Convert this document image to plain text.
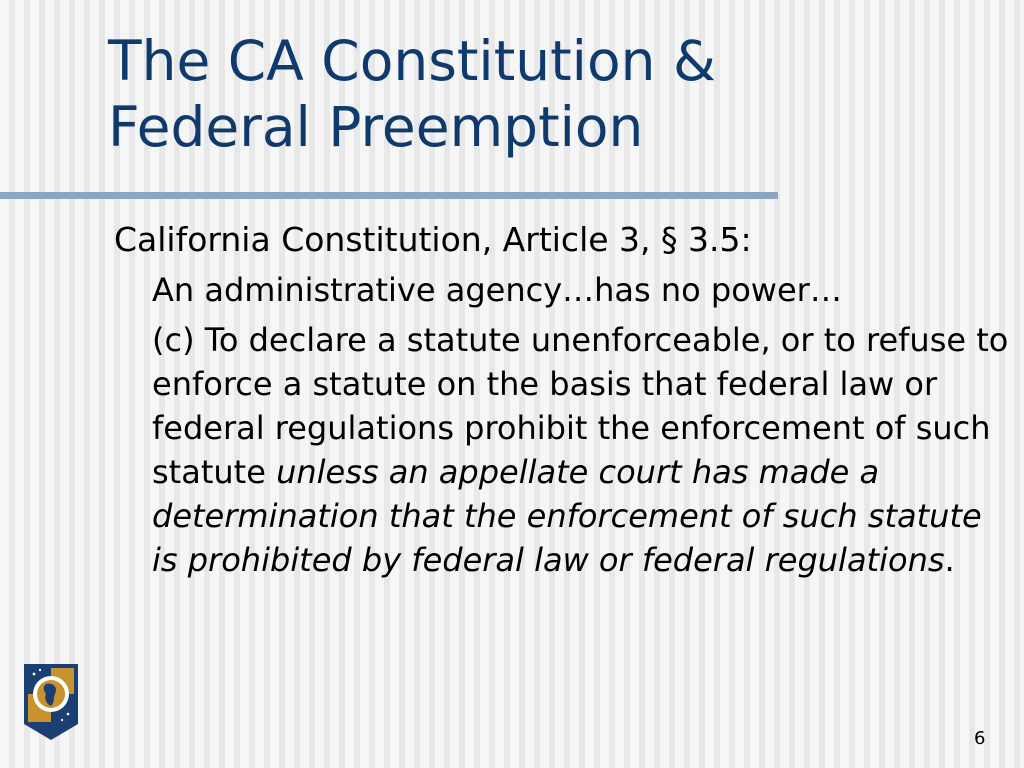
The CA Constitution &
Federal Preemption
California Constitution, Article 3, § 3.5:
An administrative agency…has no power…
(c) To declare a statute unenforceable, or to refuse to enforce a statute on the basis that federal law or federal regulations prohibit the enforcement of such statute unless an appellate court has made a determination that the enforcement of such statute is prohibited by federal law or federal regulations.
6
